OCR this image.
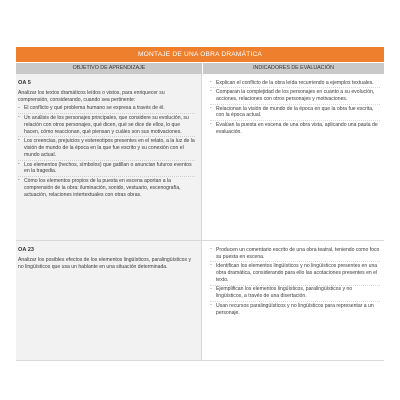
MONTAJE DE UNA OBRA DRAMÁTICA
OBJETIVO DE APRENDIZAJE	INDICADORES DE EVALUACIÓN
OA 5
Analizar los textos dramáticos leídos o vistos, para enriquecer su comprensión, considerando, cuando sea pertinente:
- El conflicto y qué problema humano se expresa a través de él.
- Un análisis de los personajes principales, que considere su evolución, su relación con otros personajes, qué dicen, qué se dice de ellos, lo que hacen, cómo reaccionan, qué piensan y cuáles son sus motivaciones.
- Los creencias, prejuicios y estereotipos presentes en el relato, a la luz de la visión de mundo de la época en la que fue escrito y su conexión con el mundo actual.
- Los elementos (hechos, símbolos) que gatillan o anuncian futuros eventos en la tragedia.
- Cómo los elementos propios de la puesta en escena aportan a la comprensión de la obra: iluminación, sonido, vestuario, escenografía, actuación, relaciones intertextuales con otras obras.
- Explican el conflicto de la obra leída recurriendo a ejemplos textuales.
- Comparan la complejidad de los personajes en cuanto a su evolución, acciones, relaciones con otros personajes y motivaciones.
- Relacionan la visión de mundo de la época en que la obra fue escrita, con la época actual.
- Evalúan la puesta en escena de una obra vista, aplicando una pauta de evaluación.
OA 23
Analizar los posibles efectos de los elementos lingüísticos, paralingüísticos y no lingüísticos que usa un hablante en una situación determinada.
- Producen un comentario escrito de una obra teatral, teniendo como foco su puesta en escena.
- Identifican los elementos lingüísticos y no lingüísticos presentes en una obra dramática, considerando para ello las acotaciones presentes en el texto.
- Ejemplifican los elementos lingüísticos, paralingüísticos y no lingüísticos, a través de una disertación.
- Usan recursos paralingüísticos y no lingüísticos para representar a un personaje.
